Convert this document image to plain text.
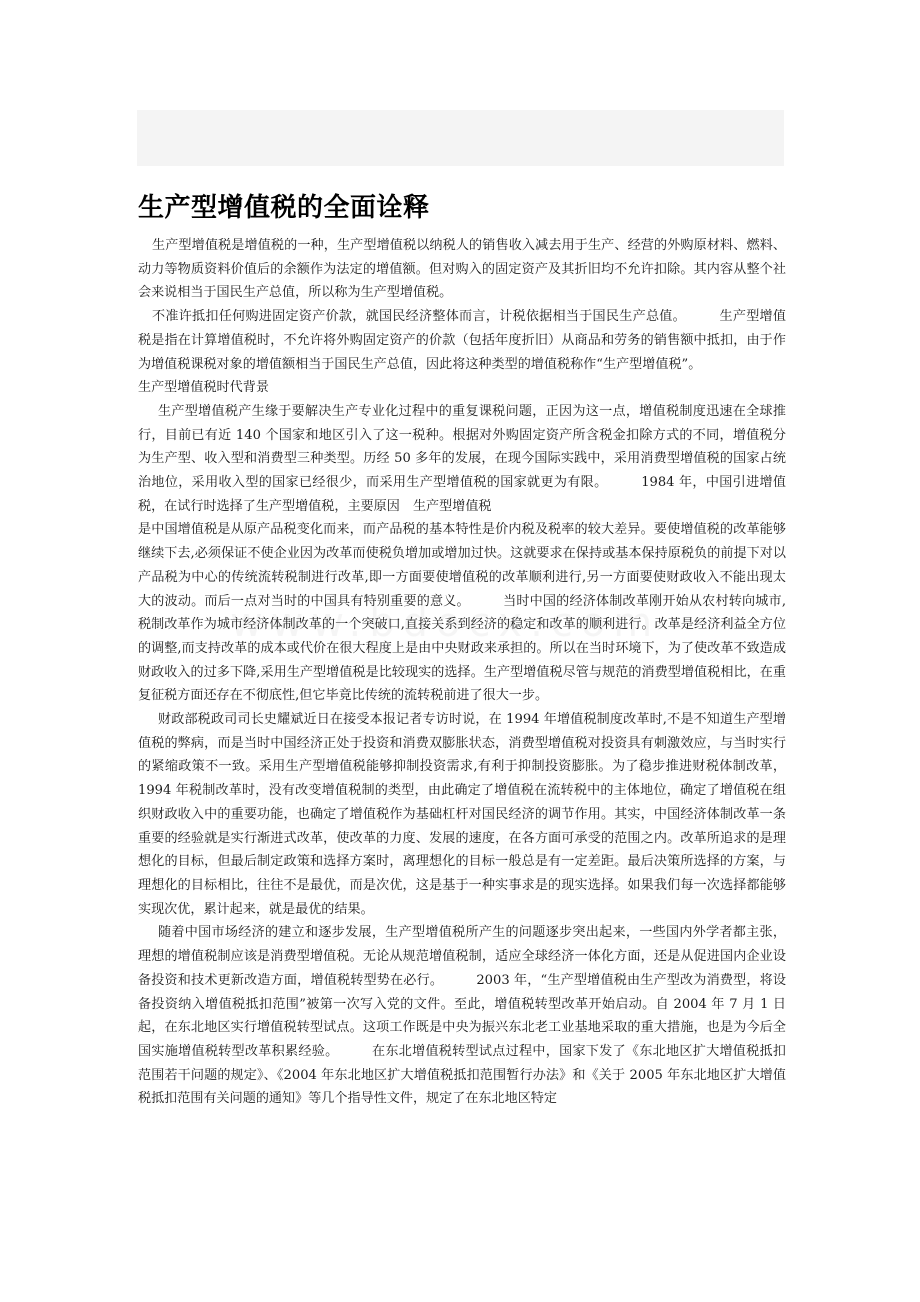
生产型增值税的全面诠释

生产型增值税是增值税的一种，生产型增值税以纳税人的销售收入减去用于生产、经营的外购原材料、燃料、动力等物质资料价值后的余额作为法定的增值额。但对购入的固定资产及其折旧均不允许扣除。其内容从整个社会来说相当于国民生产总值，所以称为生产型增值税。

不准许抵扣任何购进固定资产价款，就国民经济整体而言，计税依据相当于国民生产总值。　　　生产型增值税是指在计算增值税时，不允许将外购固定资产的价款（包括年度折旧）从商品和劳务的销售额中抵扣，由于作为增值税课税对象的增值额相当于国民生产总值，因此将这种类型的增值税称作“生产型增值税”。

生产型增值税时代背景

生产型增值税产生缘于要解决生产专业化过程中的重复课税问题，正因为这一点，增值税制度迅速在全球推行，目前已有近 140 个国家和地区引入了这一税种。根据对外购固定资产所含税金扣除方式的不同，增值税分为生产型、收入型和消费型三种类型。历经 50 多年的发展，在现今国际实践中，采用消费型增值税的国家占统治地位，采用收入型的国家已经很少，而采用生产型增值税的国家就更为有限。　　　1984 年，中国引进增值税，在试行时选择了生产型增值税，主要原因　生产型增值税

是中国增值税是从原产品税变化而来，而产品税的基本特性是价内税及税率的较大差异。要使增值税的改革能够继续下去,必须保证不使企业因为改革而使税负增加或增加过快。这就要求在保持或基本保持原税负的前提下对以产品税为中心的传统流转税制进行改革,即一方面要使增值税的改革顺利进行,另一方面要使财政收入不能出现太大的波动。而后一点对当时的中国具有特别重要的意义。　　　当时中国的经济体制改革刚开始从农村转向城市,税制改革作为城市经济体制改革的一个突破口,直接关系到经济的稳定和改革的顺利进行。改革是经济利益全方位的调整,而支持改革的成本或代价在很大程度上是由中央财政来承担的。所以在当时环境下，为了使改革不致造成财政收入的过多下降,采用生产型增值税是比较现实的选择。生产型增值税尽管与规范的消费型增值税相比，在重复征税方面还存在不彻底性,但它毕竟比传统的流转税前进了很大一步。

财政部税政司司长史耀斌近日在接受本报记者专访时说，在 1994 年增值税制度改革时,不是不知道生产型增值税的弊病，而是当时中国经济正处于投资和消费双膨胀状态，消费型增值税对投资具有刺激效应，与当时实行的紧缩政策不一致。采用生产型增值税能够抑制投资需求,有利于抑制投资膨胀。为了稳步推进财税体制改革，1994 年税制改革时，没有改变增值税制的类型，由此确定了增值税在流转税中的主体地位，确定了增值税在组织财政收入中的重要功能，也确定了增值税作为基础杠杆对国民经济的调节作用。其实，中国经济体制改革一条重要的经验就是实行渐进式改革，使改革的力度、发展的速度，在各方面可承受的范围之内。改革所追求的是理想化的目标，但最后制定政策和选择方案时，离理想化的目标一般总是有一定差距。最后决策所选择的方案，与理想化的目标相比，往往不是最优，而是次优，这是基于一种实事求是的现实选择。如果我们每一次选择都能够实现次优，累计起来，就是最优的结果。

随着中国市场经济的建立和逐步发展，生产型增值税所产生的问题逐步突出起来，一些国内外学者都主张，理想的增值税制应该是消费型增值税。无论从规范增值税制，适应全球经济一体化方面，还是从促进国内企业设备投资和技术更新改造方面，增值税转型势在必行。　　　2003 年，“生产型增值税由生产型改为消费型，将设备投资纳入增值税抵扣范围”被第一次写入党的文件。至此，增值税转型改革开始启动。自 2004 年 7 月 1 日起，在东北地区实行增值税转型试点。这项工作既是中央为振兴东北老工业基地采取的重大措施，也是为今后全国实施增值税转型改革积累经验。　　　在东北增值税转型试点过程中，国家下发了《东北地区扩大增值税抵扣范围若干问题的规定》、《2004 年东北地区扩大增值税抵扣范围暂行办法》和《关于 2005 年东北地区扩大增值税抵扣范围有关问题的通知》等几个指导性文件，规定了在东北地区特定
